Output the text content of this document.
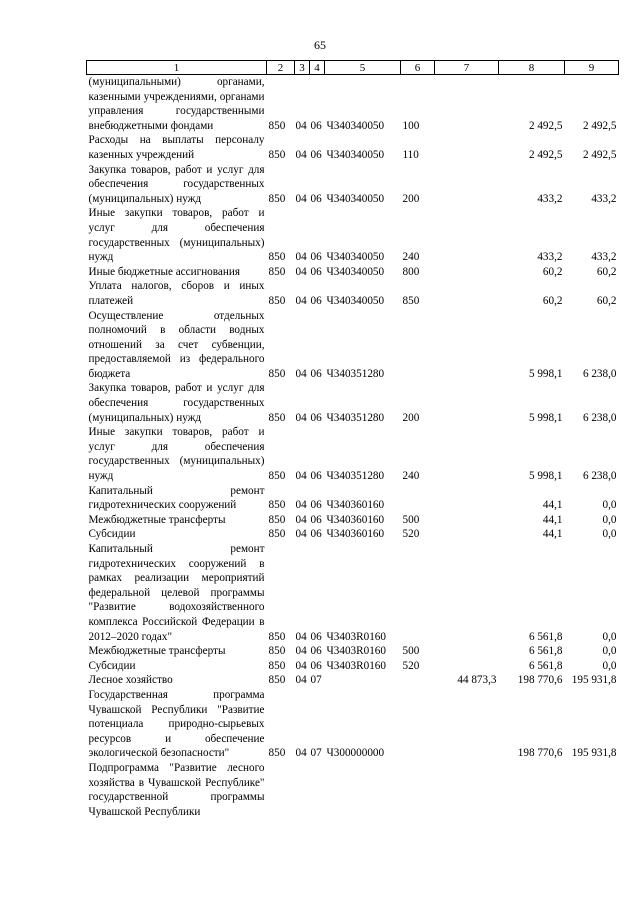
65
1	2	3	4	5	6	7	8	9
(муниципальными) органами, казенными учреждениями, органами управления государственными внебюджетными фондами	850	04	06	Ч340340050	100		2 492,5	2 492,5
Расходы на выплаты персоналу казенных учреждений	850	04	06	Ч340340050	110		2 492,5	2 492,5
Закупка товаров, работ и услуг для обеспечения государственных (муниципальных) нужд	850	04	06	Ч340340050	200		433,2	433,2
Иные закупки товаров, работ и услуг для обеспечения государственных (муниципальных) нужд	850	04	06	Ч340340050	240		433,2	433,2
Иные бюджетные ассигнования	850	04	06	Ч340340050	800		60,2	60,2
Уплата налогов, сборов и иных платежей	850	04	06	Ч340340050	850		60,2	60,2
Осуществление отдельных полномочий в области водных отношений за счет субвенции, предоставляемой из федерального бюджета	850	04	06	Ч340351280			5 998,1	6 238,0
Закупка товаров, работ и услуг для обеспечения государственных (муниципальных) нужд	850	04	06	Ч340351280	200		5 998,1	6 238,0
Иные закупки товаров, работ и услуг для обеспечения государственных (муниципальных) нужд	850	04	06	Ч340351280	240		5 998,1	6 238,0
Капитальный ремонт гидротехнических сооружений	850	04	06	Ч340360160			44,1	0,0
Межбюджетные трансферты	850	04	06	Ч340360160	500		44,1	0,0
Субсидии	850	04	06	Ч340360160	520		44,1	0,0
Капитальный ремонт гидротехнических сооружений в рамках реализации мероприятий федеральной целевой программы "Развитие водохозяйственного комплекса Российской Федерации в 2012–2020 годах"	850	04	06	Ч3403R0160			6 561,8	0,0
Межбюджетные трансферты	850	04	06	Ч3403R0160	500		6 561,8	0,0
Субсидии	850	04	06	Ч3403R0160	520		6 561,8	0,0
Лесное хозяйство	850	04	07			44 873,3	198 770,6	195 931,8
Государственная программа Чувашской Республики "Развитие потенциала природно-сырьевых ресурсов и обеспечение экологической безопасности"	850	04	07	Ч300000000			198 770,6	195 931,8
Подпрограмма "Развитие лесного хозяйства в Чувашской Республике" государственной программы Чувашской Республики								
